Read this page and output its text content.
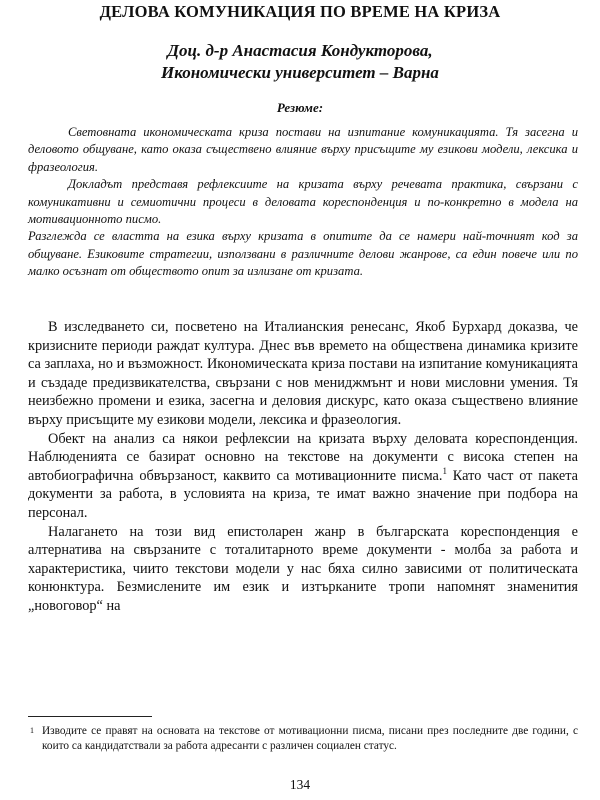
ДЕЛОВА КОМУНИКАЦИЯ ПО ВРЕМЕ НА КРИЗА
Доц. д-р Анастасия Кондукторова,
Икономически университет – Варна
Резюме:

Световната икономическата криза постави на изпитание комуникацията. Тя засегна и деловото общуване, като оказа съществено влияние върху присъщите му езикови модели, лексика и фразеология.

Докладът представя рефлексиите на кризата върху речевата практика, свързани с комуникативни и семиотични процеси в деловата кореспонденция и по-конкретно в модела на мотивационното писмо.

Разглежда се властта на езика върху кризата в опитите да се намери най-точният код за общуване. Езиковите стратегии, използвани в различните делови жанрове, са един повече или по малко осъзнат от обществото опит за излизане от кризата.

В изследването си, посветено на Италианския ренесанс, Якоб Бурхард доказва, че кризисните периоди раждат култура. Днес във времето на обществена динамика кризите са заплаха, но и възможност. Икономическата криза постави на изпитание комуникацията и създаде предизвикателства, свързани с нов мениджмънт и нови мисловни умения. Тя неизбежно промени и езика, засегна и деловия дискурс, като оказа съществено влияние върху присъщите му езикови модели, лексика и фразеология.

Обект на анализ са някои рефлексии на кризата върху деловата кореспонденция. Наблюденията се базират основно на текстове на документи с висока степен на автобиографична обвързаност, каквито са мотивационните писма.$^1$ Като част от пакета документи за работа, в условията на криза, те имат важно значение при подбора на персонал.

Налагането на този вид епистоларен жанр в българската кореспонденция е алтернатива на свързаните с тоталитарното време документи - молба за работа и характеристика, чиито текстови модели у нас бяха силно зависими от политическата конюнктура. Безмислените им език и изтърканите тропи напомнят знаменития „новоговор“ на

1 Изводите се правят на основата на текстове от мотивационни писма, писани през последните две години, с които са кандидатствали за работа адресанти с различен социален статус.
134
